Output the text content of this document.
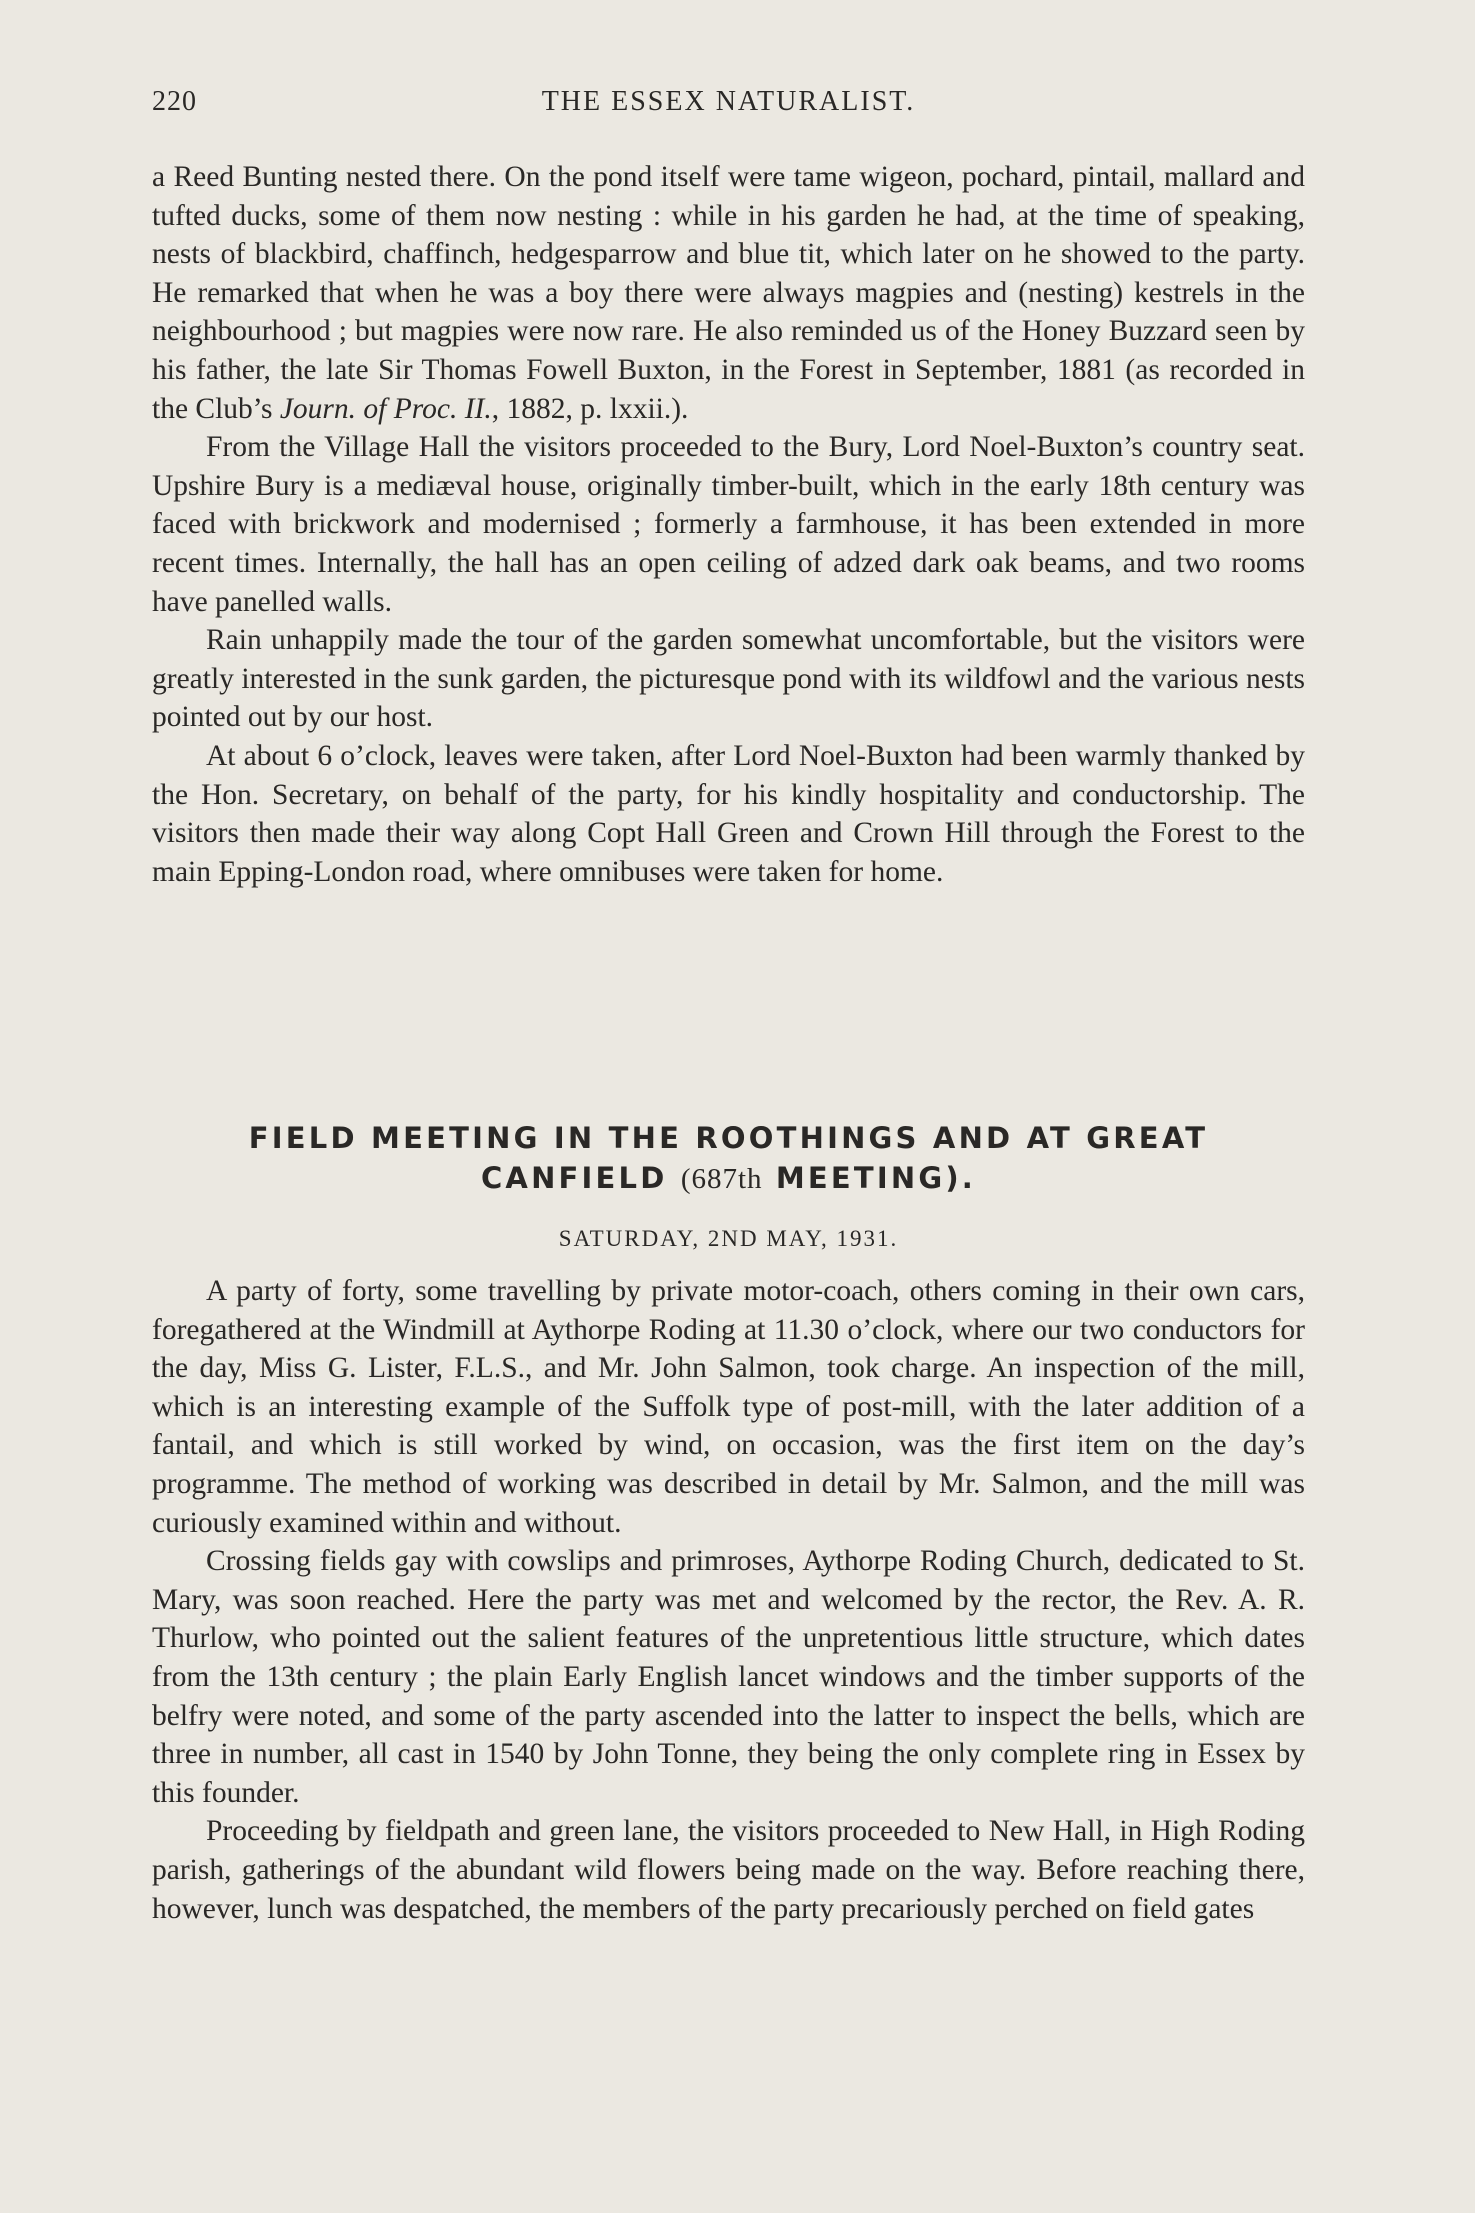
220	THE ESSEX NATURALIST.

a Reed Bunting nested there. On the pond itself were tame wigeon, pochard, pintail, mallard and tufted ducks, some of them now nesting : while in his garden he had, at the time of speaking, nests of blackbird, chaffinch, hedgesparrow and blue tit, which later on he showed to the party. He remarked that when he was a boy there were always magpies and (nesting) kestrels in the neighbourhood ; but magpies were now rare. He also reminded us of the Honey Buzzard seen by his father, the late Sir Thomas Fowell Buxton, in the Forest in September, 1881 (as recorded in the Club’s Journ. of Proc. II., 1882, p. lxxii.).

From the Village Hall the visitors proceeded to the Bury, Lord Noel-Buxton’s country seat. Upshire Bury is a mediæval house, originally timber-built, which in the early 18th century was faced with brickwork and modernised ; formerly a farmhouse, it has been extended in more recent times. Internally, the hall has an open ceiling of adzed dark oak beams, and two rooms have panelled walls.

Rain unhappily made the tour of the garden somewhat uncomfortable, but the visitors were greatly interested in the sunk garden, the picturesque pond with its wildfowl and the various nests pointed out by our host.

At about 6 o’clock, leaves were taken, after Lord Noel-Buxton had been warmly thanked by the Hon. Secretary, on behalf of the party, for his kindly hospitality and conductorship. The visitors then made their way along Copt Hall Green and Crown Hill through the Forest to the main Epping-London road, where omnibuses were taken for home.

FIELD MEETING IN THE ROOTHINGS AND AT GREAT
CANFIELD (687th MEETING).
SATURDAY, 2ND MAY, 1931.

A party of forty, some travelling by private motor-coach, others coming in their own cars, foregathered at the Windmill at Aythorpe Roding at 11.30 o’clock, where our two conductors for the day, Miss G. Lister, F.L.S., and Mr. John Salmon, took charge. An inspection of the mill, which is an interesting example of the Suffolk type of post-mill, with the later addition of a fantail, and which is still worked by wind, on occasion, was the first item on the day’s programme. The method of working was described in detail by Mr. Salmon, and the mill was curiously examined within and without.

Crossing fields gay with cowslips and primroses, Aythorpe Roding Church, dedicated to St. Mary, was soon reached. Here the party was met and welcomed by the rector, the Rev. A. R. Thurlow, who pointed out the salient features of the unpretentious little structure, which dates from the 13th century ; the plain Early English lancet windows and the timber supports of the belfry were noted, and some of the party ascended into the latter to inspect the bells, which are three in number, all cast in 1540 by John Tonne, they being the only complete ring in Essex by this founder.

Proceeding by fieldpath and green lane, the visitors proceeded to New Hall, in High Roding parish, gatherings of the abundant wild flowers being made on the way. Before reaching there, however, lunch was despatched, the members of the party precariously perched on field gates
